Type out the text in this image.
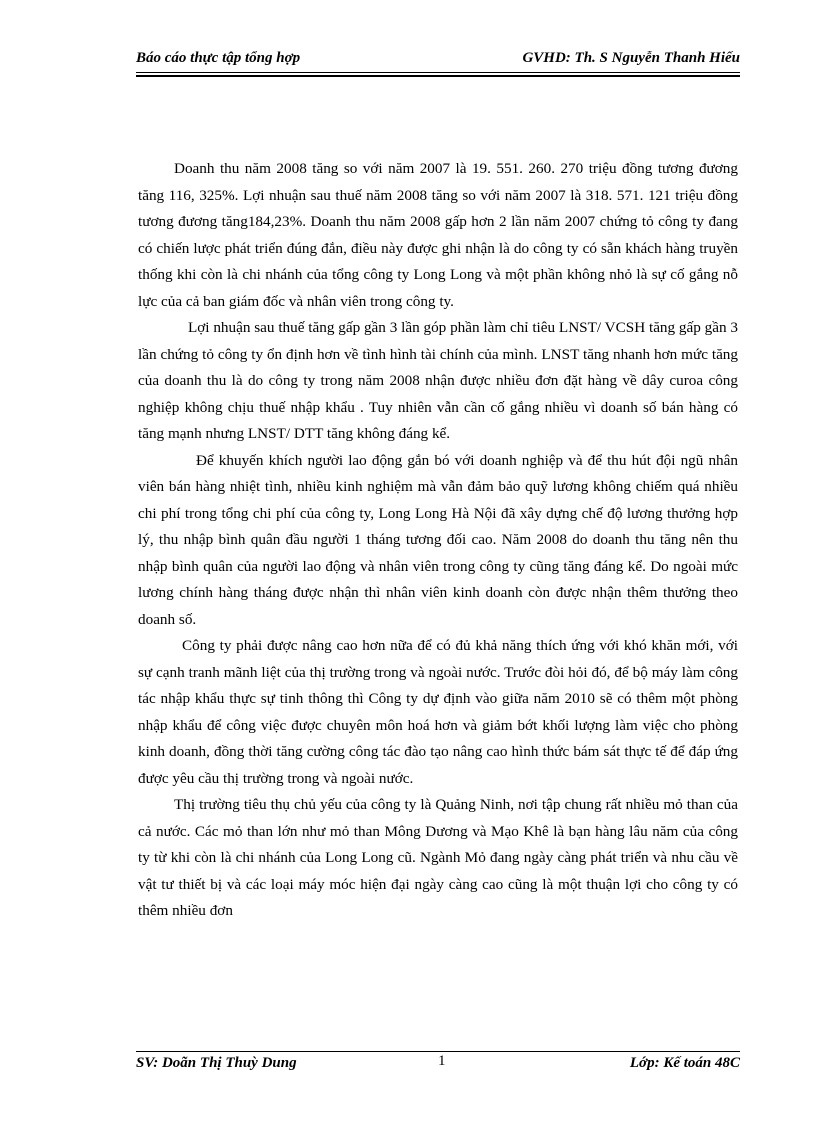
Báo cáo thực tập tổng hợp	GVHD: Th. S Nguyễn Thanh Hiếu

Doanh thu năm 2008 tăng so với năm 2007 là 19. 551. 260. 270 triệu đồng tương đương tăng 116, 325%. Lợi nhuận sau thuế năm 2008 tăng so với năm 2007 là 318. 571. 121 triệu đồng tương đương tăng184,23%. Doanh thu năm 2008 gấp hơn 2 lần năm 2007 chứng tỏ công ty đang có chiến lược phát triển đúng đắn, điều này được ghi nhận là do công ty có sẵn khách hàng truyền thống khi còn là chi nhánh của tổng công ty Long Long và một phần không nhỏ là sự cố gắng nỗ lực của cả ban giám đốc và nhân viên trong công ty.

Lợi nhuận sau thuế tăng gấp gần 3 lần góp phần làm chỉ tiêu LNST/ VCSH tăng gấp gần 3 lần chứng tỏ công ty ổn định hơn về tình hình tài chính của mình. LNST tăng nhanh hơn mức tăng của doanh thu là do công ty trong năm 2008 nhận được nhiều đơn đặt hàng về dây curoa công nghiệp không chịu thuế nhập khẩu . Tuy nhiên vẫn cần cố gắng nhiều vì doanh số bán hàng có tăng mạnh nhưng LNST/ DTT tăng không đáng kể.

Để khuyến khích người lao động gắn bó với doanh nghiệp và để thu hút đội ngũ nhân viên bán hàng nhiệt tình, nhiều kinh nghiệm mà vẫn đảm bảo quỹ lương không chiếm quá nhiều chi phí trong tổng chi phí của công ty, Long Long Hà Nội đã xây dựng chế độ lương thưởng hợp lý, thu nhập bình quân đầu người 1 tháng tương đối cao. Năm 2008 do doanh thu tăng nên thu nhập bình quân của người lao động và nhân viên trong công ty cũng tăng đáng kể. Do ngoài mức lương chính hàng tháng được nhận thì nhân viên kinh doanh còn được nhận thêm thưởng theo doanh số.

Công ty phải được nâng cao hơn nữa để có đủ khả năng thích ứng với khó khăn mới, với sự cạnh tranh mãnh liệt của thị trường trong và ngoài nước. Trước đòi hỏi đó, để bộ máy làm công tác nhập khẩu thực sự tinh thông thì Công ty dự định vào giữa năm 2010 sẽ có thêm một phòng nhập khẩu để công việc được chuyên môn hoá hơn và giảm bớt khối lượng làm việc cho phòng kinh doanh, đồng thời tăng cường công tác đào tạo nâng cao hình thức bám sát thực tế để đáp ứng được yêu cầu thị trường trong và ngoài nước.

Thị trường tiêu thụ chủ yếu của công ty là Quảng Ninh, nơi tập chung rất nhiều mỏ than của cả nước. Các mỏ than lớn như mỏ than Mông Dương và Mạo Khê là bạn hàng lâu năm của công ty từ khi còn là chi nhánh của Long Long cũ. Ngành Mỏ đang ngày càng phát triển và nhu cầu về vật tư thiết bị và các loại máy móc hiện đại ngày càng cao cũng là một thuận lợi cho công ty có thêm nhiều đơn

SV: Doãn Thị Thuỳ Dung	1	Lớp: Kế toán 48C
